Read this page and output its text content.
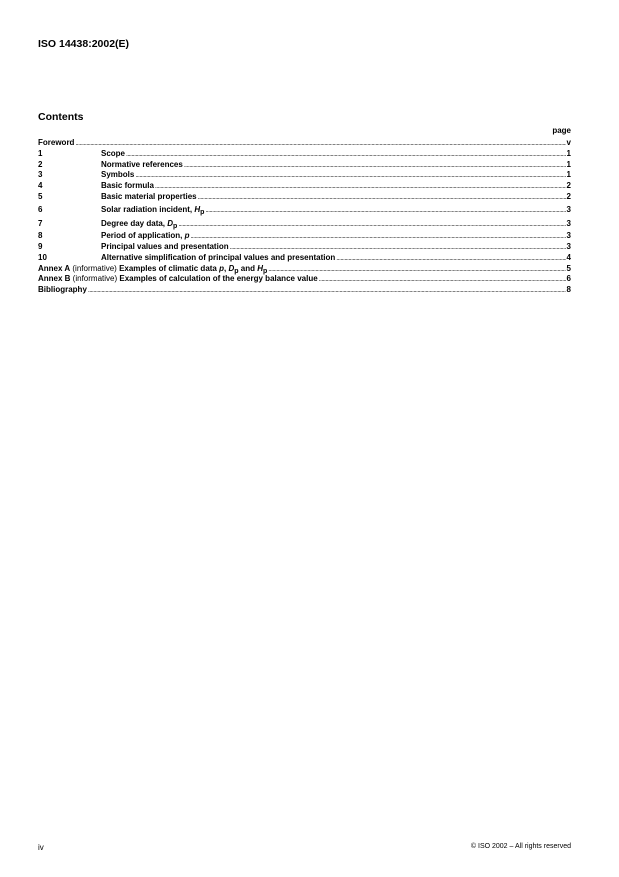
ISO 14438:2002(E)
Contents
page
Foreword .....	v
1	Scope .....	1
2	Normative references .....	1
3	Symbols .....	1
4	Basic formula .....	2
5	Basic material properties .....	2
6	Solar radiation incident, $H_p$ .....	3
7	Degree day data, $D_p$ .....	3
8	Period of application, p .....	3
9	Principal values and presentation .....	3
10	Alternative simplification of principal values and presentation .....	4
Annex A (informative) Examples of climatic data p, $D_p$ and $H_p$ .....	5
Annex B (informative) Examples of calculation of the energy balance value .....	6
Bibliography .....	8
iv	© ISO 2002 – All rights reserved
